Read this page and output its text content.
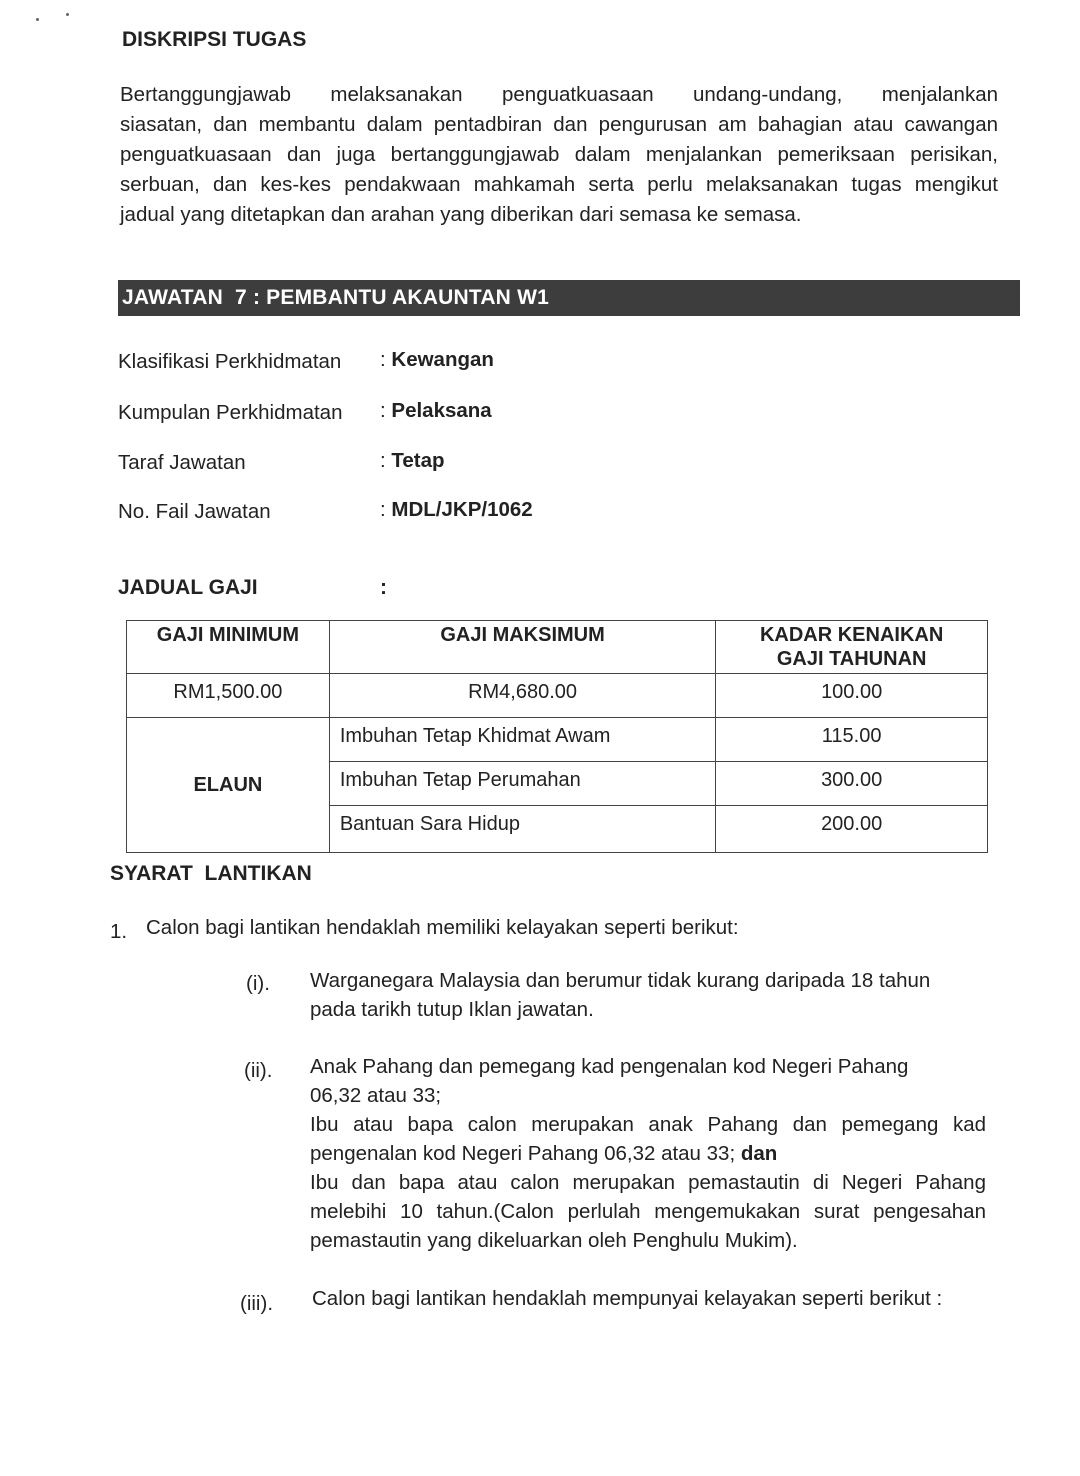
DISKRIPSI TUGAS
Bertanggungjawab melaksanakan penguatkuasaan undang-undang, menjalankan
siasatan, dan membantu dalam pentadbiran dan pengurusan am bahagian atau cawangan
penguatkuasaan dan juga bertanggungjawab dalam menjalankan pemeriksaan perisikan,
serbuan, dan kes-kes pendakwaan mahkamah serta perlu melaksanakan tugas mengikut
jadual yang ditetapkan dan arahan yang diberikan dari semasa ke semasa.
JAWATAN  7 : PEMBANTU AKAUNTAN W1
Klasifikasi Perkhidmatan : Kewangan
Kumpulan Perkhidmatan : Pelaksana
Taraf Jawatan	: Tetap
No. Fail Jawatan	: MDL/JKP/1062
JADUAL GAJI	:
GAJI MINIMUM	GAJI MAKSIMUM	KADAR KENAIKAN
GAJI TAHUNAN

RM1,500.00	RM4,680.00	100.00
ELAUN	Imbuhan Tetap Khidmat Awam	115.00
	Imbuhan Tetap Perumahan	300.00
	Bantuan Sara Hidup	200.00
SYARAT  LANTIKAN
1. Calon bagi lantikan hendaklah memiliki kelayakan seperti berikut:
(i). Warganegara Malaysia dan berumur tidak kurang daripada 18 tahun
pada tarikh tutup Iklan jawatan.
(ii). Anak Pahang dan pemegang kad pengenalan kod Negeri Pahang
06,32 atau 33;
Ibu atau bapa calon merupakan anak Pahang dan pemegang kad
pengenalan kod Negeri Pahang 06,32 atau 33; dan
Ibu dan bapa atau calon merupakan pemastautin di Negeri Pahang
melebihi 10 tahun.(Calon perlulah mengemukakan surat pengesahan
pemastautin yang dikeluarkan oleh Penghulu Mukim).
(iii). Calon bagi lantikan hendaklah mempunyai kelayakan seperti berikut :
